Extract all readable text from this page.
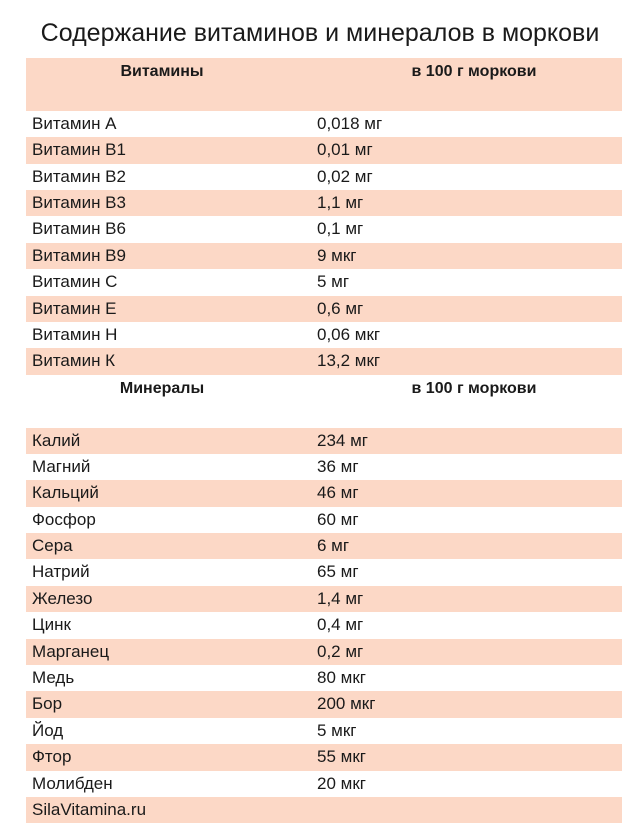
Содержание витаминов и минералов в моркови
Витамины	в 100 г моркови
Витамин А	0,018 мг
Витамин В1	0,01 мг
Витамин В2	0,02 мг
Витамин В3	1,1 мг
Витамин В6	0,1 мг
Витамин В9	9 мкг
Витамин С	5 мг
Витамин Е	0,6 мг
Витамин Н	0,06 мкг
Витамин К	13,2 мкг
Минералы	в 100 г моркови
Калий	234 мг
Магний	36 мг
Кальций	46 мг
Фосфор	60 мг
Сера	6 мг
Натрий	65 мг
Железо	1,4 мг
Цинк	0,4 мг
Марганец	0,2 мг
Медь	80 мкг
Бор	200 мкг
Йод	5 мкг
Фтор	55 мкг
Молибден	20 мкг
SilaVitamina.ru
